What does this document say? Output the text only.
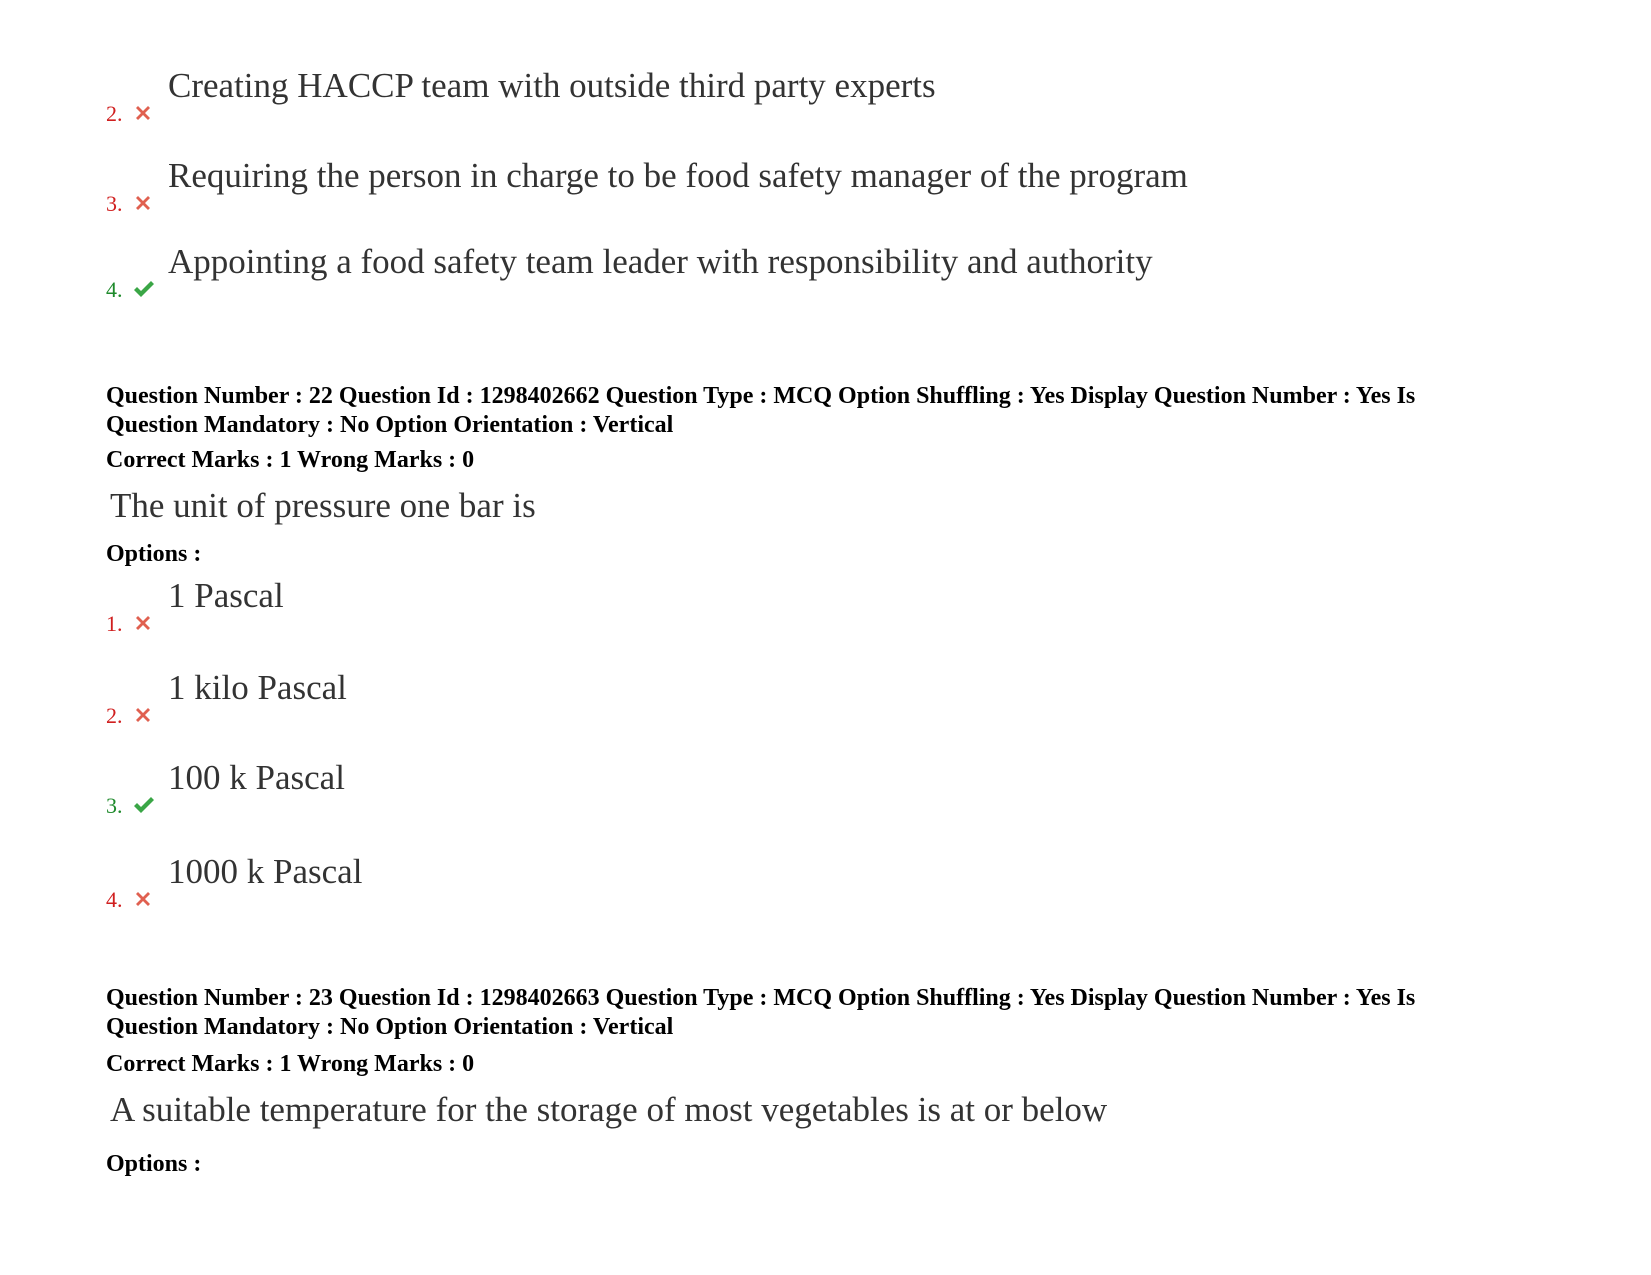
2.
Creating HACCP team with outside third party experts
3.
Requiring the person in charge to be food safety manager of the program
4.
Appointing a food safety team leader with responsibility and authority
Question Number : 22 Question Id : 1298402662 Question Type : MCQ Option Shuffling : Yes Display Question Number : Yes Is
Question Mandatory : No Option Orientation : Vertical
Correct Marks : 1 Wrong Marks : 0
The unit of pressure one bar is
Options :
1.
1 Pascal
2.
1 kilo Pascal
3.
100 k Pascal
4.
1000 k Pascal
Question Number : 23 Question Id : 1298402663 Question Type : MCQ Option Shuffling : Yes Display Question Number : Yes Is
Question Mandatory : No Option Orientation : Vertical
Correct Marks : 1 Wrong Marks : 0
A suitable temperature for the storage of most vegetables is at or below
Options :
